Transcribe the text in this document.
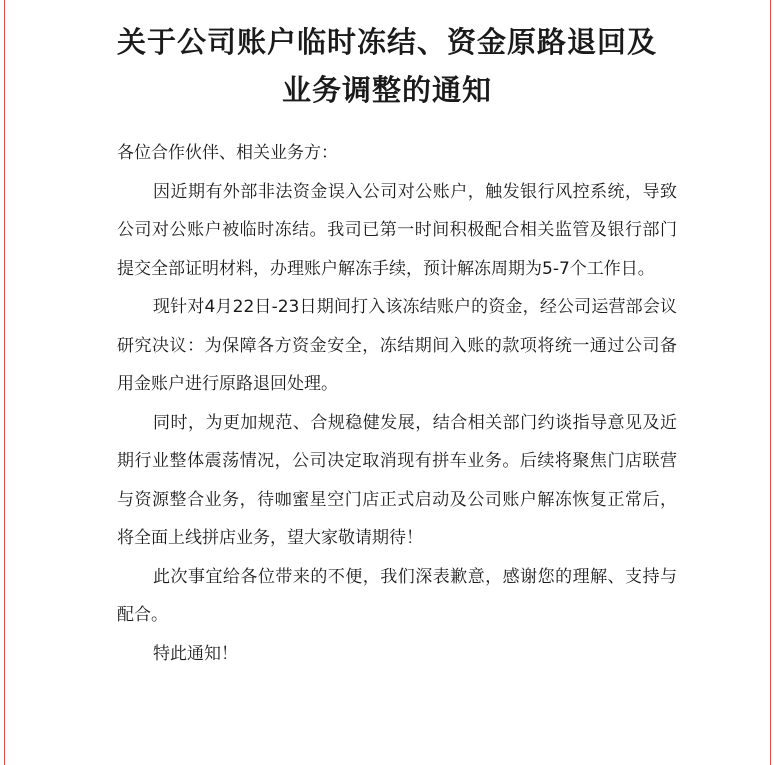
关于公司账户临时冻结、资金原路退回及
业务调整的通知

各位合作伙伴、相关业务方：

因近期有外部非法资金误入公司对公账户，触发银行风控系统，导致公司对公账户被临时冻结。我司已第一时间积极配合相关监管及银行部门提交全部证明材料，办理账户解冻手续，预计解冻周期为5-7个工作日。

现针对4月22日-23日期间打入该冻结账户的资金，经公司运营部会议研究决议：为保障各方资金安全，冻结期间入账的款项将统一通过公司备用金账户进行原路退回处理。

同时，为更加规范、合规稳健发展，结合相关部门约谈指导意见及近期行业整体震荡情况，公司决定取消现有拼车业务。后续将聚焦门店联营与资源整合业务，待咖蜜星空门店正式启动及公司账户解冻恢复正常后，将全面上线拼店业务，望大家敬请期待！

此次事宜给各位带来的不便，我们深表歉意，感谢您的理解、支持与配合。

特此通知！
